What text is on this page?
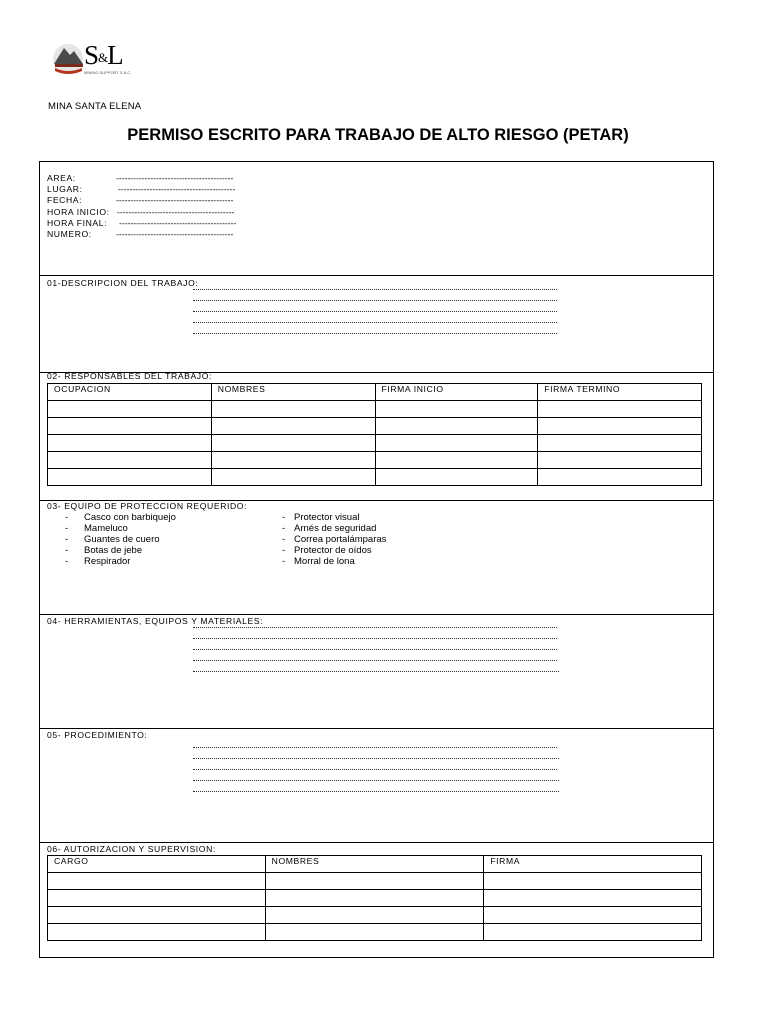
S&L
MINING SUPPORT S.A.C.
MINA SANTA ELENA
PERMISO ESCRITO PARA TRABAJO DE ALTO RIESGO (PETAR)
AREA:	-----------------------------------------
LUGAR:	-----------------------------------------
FECHA:	-----------------------------------------
HORA INICIO: -----------------------------------------
HORA FINAL: -----------------------------------------
NUMERO:	-----------------------------------------
01-DESCRIPCION DEL TRABAJO:
02- RESPONSABLES DEL TRABAJO:
OCUPACION	NOMBRES	FIRMA INICIO	FIRMA TERMINO

03- EQUIPO DE PROTECCION REQUERIDO:
- Casco con barbiquejo
- Mameluco
- Guantes de cuero
- Botas de jebe
- Respirador
- Protector visual
- Arnés de seguridad
- Correa portalámparas
- Protector de oídos
- Morral de lona
04- HERRAMIENTAS, EQUIPOS Y MATERIALES:
05- PROCEDIMIENTO:
06- AUTORIZACION Y SUPERVISION:
CARGO	NOMBRES	FIRMA
